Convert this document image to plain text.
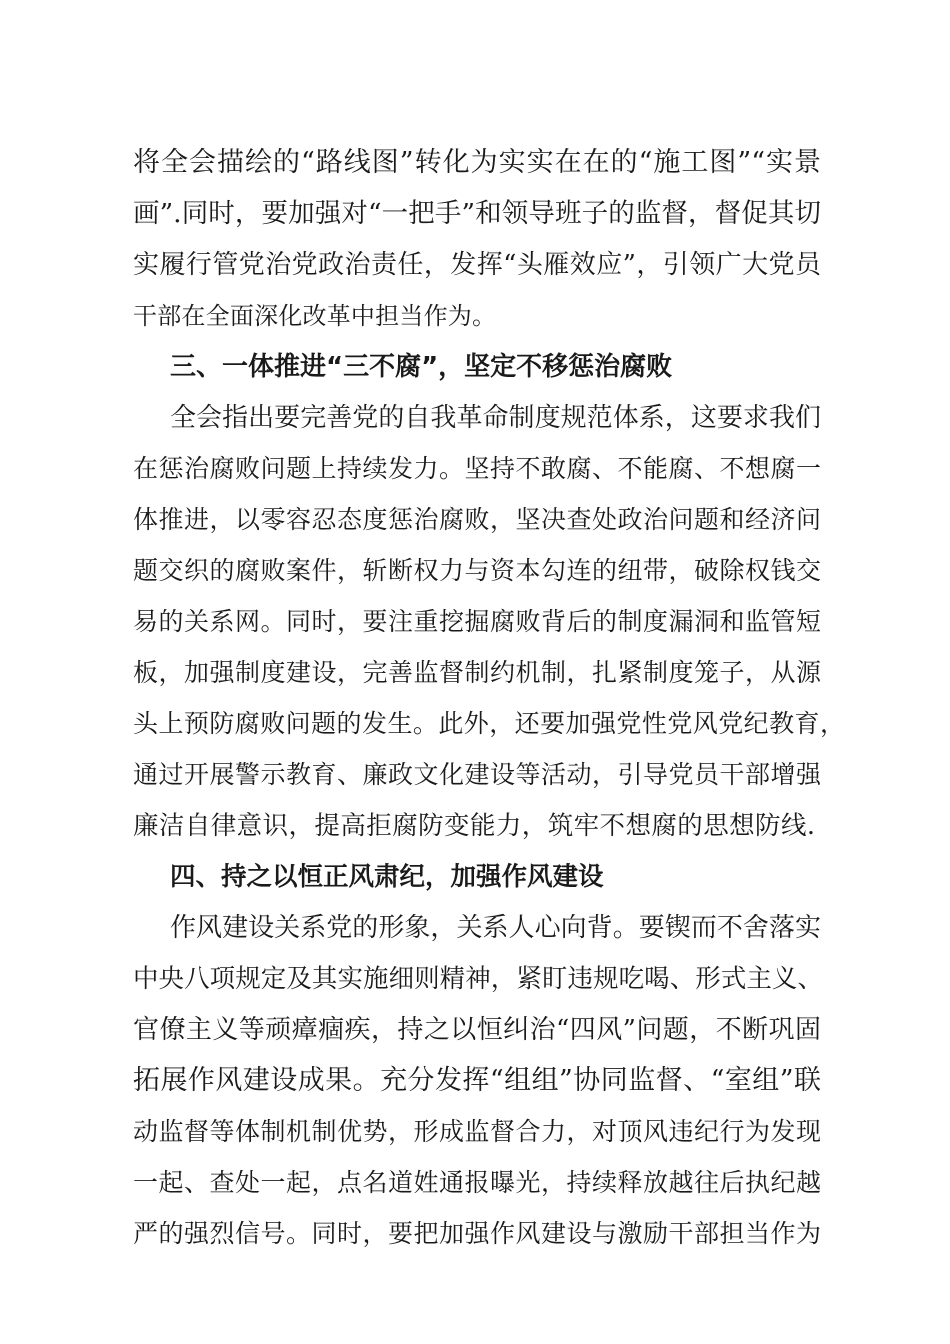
将全会描绘的“路线图”转化为实实在在的“施工图”“实景
画”.同时，要加强对“一把手”和领导班子的监督，督促其切
实履行管党治党政治责任，发挥“头雁效应”，引领广大党员
干部在全面深化改革中担当作为。
三、一体推进“三不腐”，坚定不移惩治腐败
全会指出要完善党的自我革命制度规范体系，这要求我们
在惩治腐败问题上持续发力。坚持不敢腐、不能腐、不想腐一
体推进，以零容忍态度惩治腐败，坚决查处政治问题和经济问
题交织的腐败案件，斩断权力与资本勾连的纽带，破除权钱交
易的关系网。同时，要注重挖掘腐败背后的制度漏洞和监管短
板，加强制度建设，完善监督制约机制，扎紧制度笼子，从源
头上预防腐败问题的发生。此外，还要加强党性党风党纪教育，
通过开展警示教育、廉政文化建设等活动，引导党员干部增强
廉洁自律意识，提高拒腐防变能力，筑牢不想腐的思想防线.
四、持之以恒正风肃纪，加强作风建设
作风建设关系党的形象，关系人心向背。要锲而不舍落实
中央八项规定及其实施细则精神，紧盯违规吃喝、形式主义、
官僚主义等顽瘴痼疾，持之以恒纠治“四风”问题，不断巩固
拓展作风建设成果。充分发挥“组组”协同监督、“室组”联
动监督等体制机制优势，形成监督合力，对顶风违纪行为发现
一起、查处一起，点名道姓通报曝光，持续释放越往后执纪越
严的强烈信号。同时，要把加强作风建设与激励干部担当作为
